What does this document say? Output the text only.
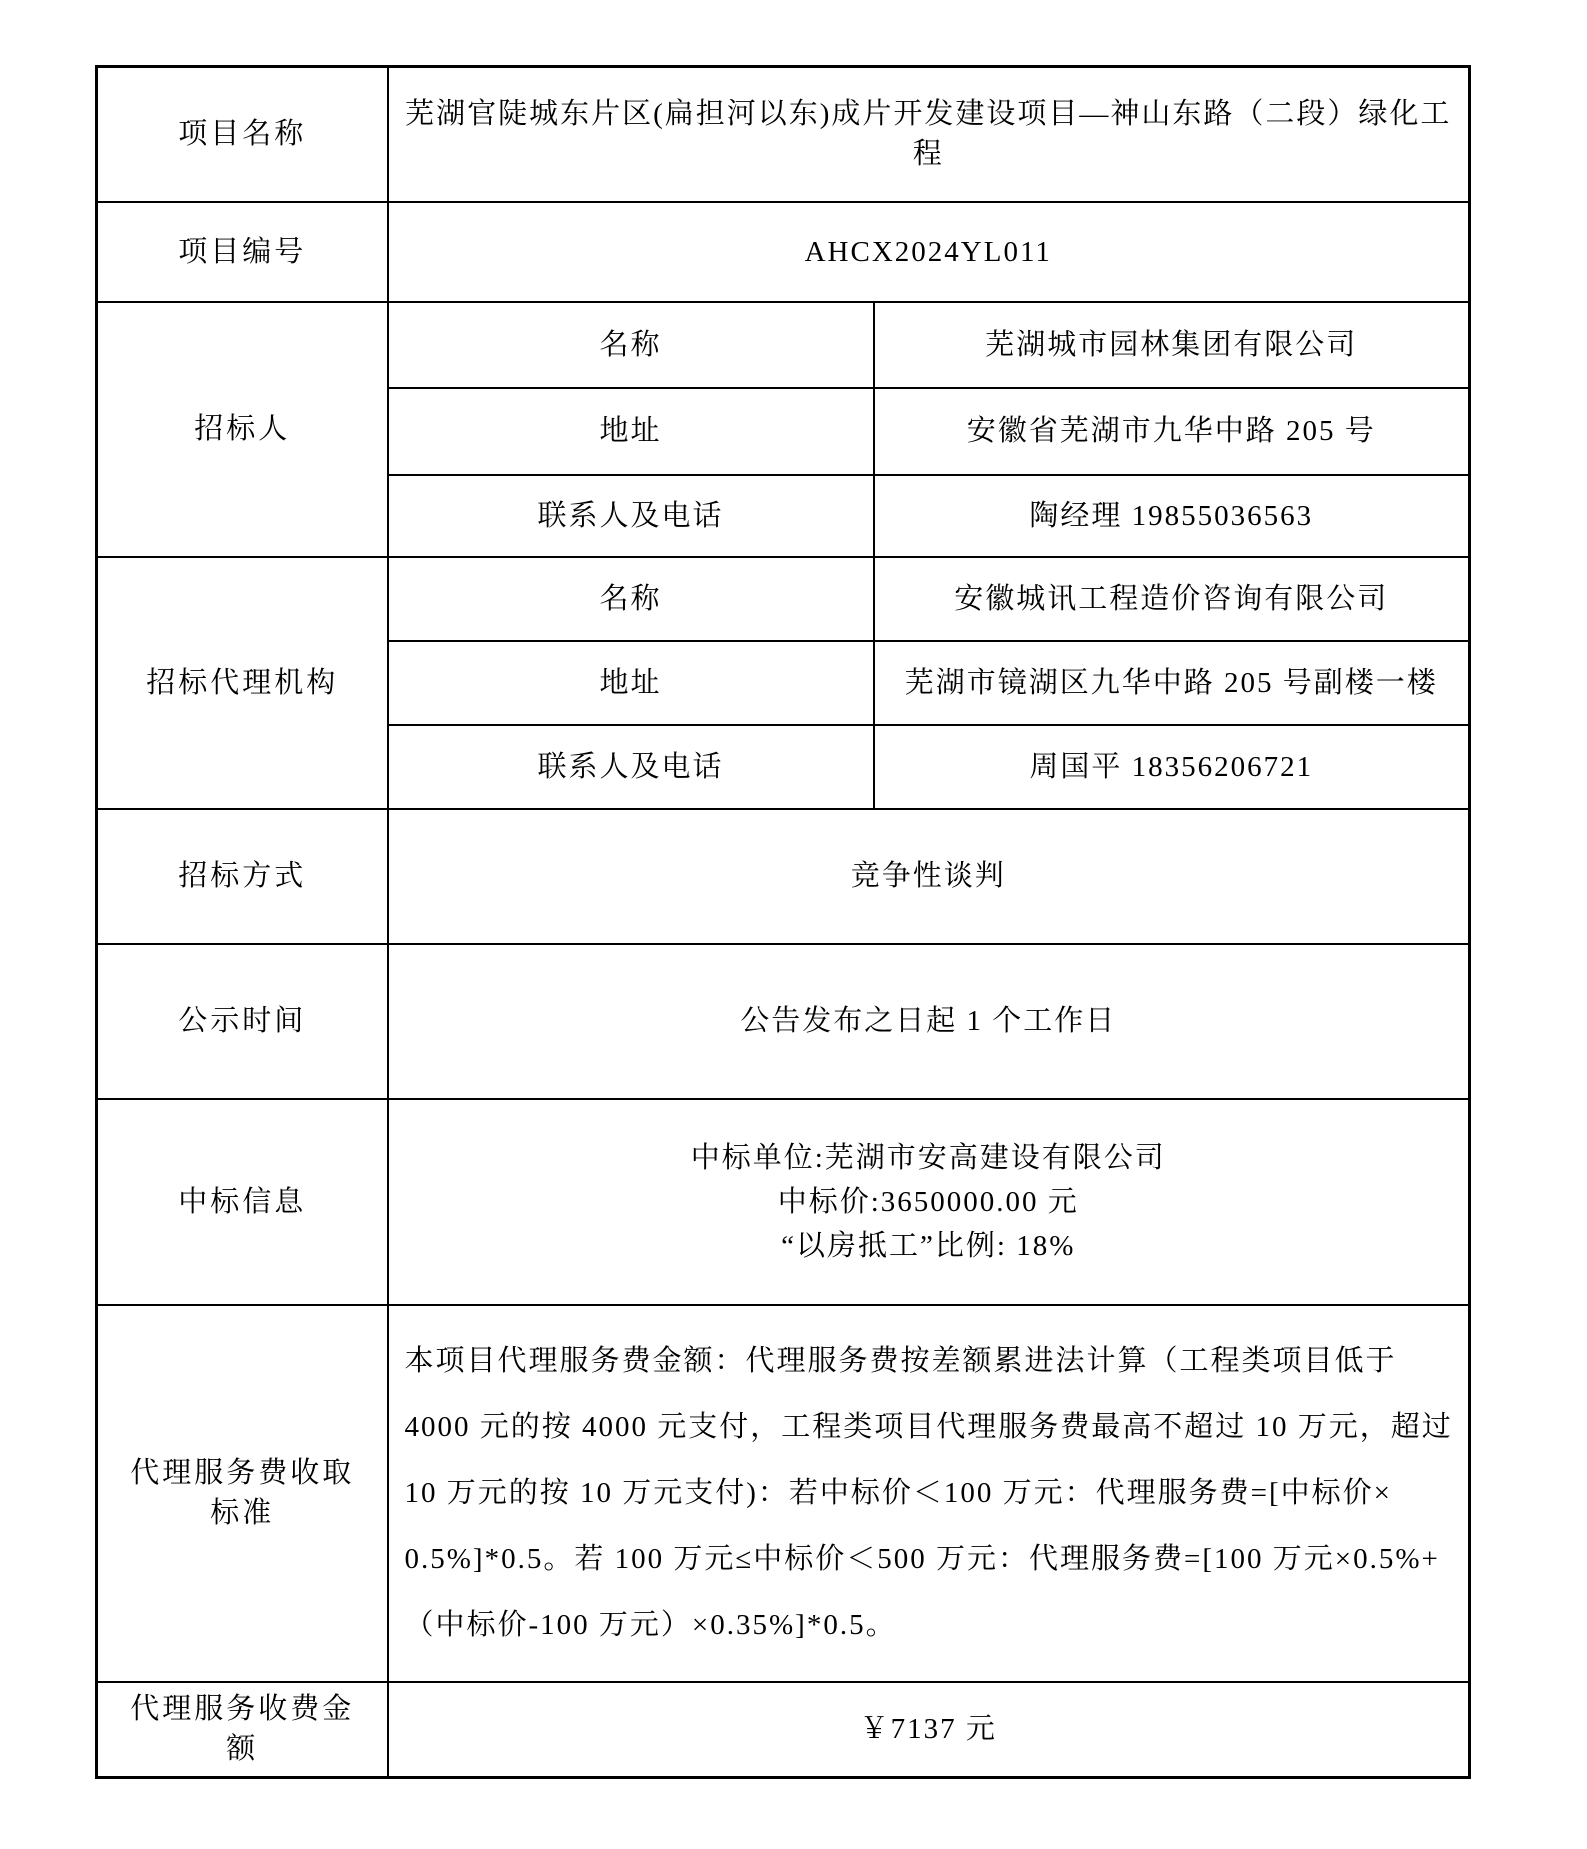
项目名称	芜湖官陡城东片区(扁担河以东)成片开发建设项目—神山东路（二段）绿化工程	

项目编号	AHCX2024YL011	
招标人	名称	芜湖城市园林集团有限公司
	地址	安徽省芜湖市九华中路 205 号
	联系人及电话	陶经理 19855036563
招标代理机构	名称	安徽城讯工程造价咨询有限公司
	地址	芜湖市镜湖区九华中路 205 号副楼一楼
	联系人及电话	周国平 18356206721
招标方式	竞争性谈判	
公示时间	公告发布之日起 1 个工作日	
中标信息	中标单位:芜湖市安高建设有限公司
中标价:3650000.00 元
“以房抵工”比例: 18%	

代理服务费收取标准	本项目代理服务费金额：代理服务费按差额累进法计算（工程类项目低于
4000 元的按 4000 元支付，工程类项目代理服务费最高不超过 10 万元，超过
10 万元的按 10 万元支付)：若中标价＜100 万元：代理服务费=[中标价×
0.5%]*0.5。若 100 万元≤中标价＜500 万元：代理服务费=[100 万元×0.5%+
（中标价-100 万元）×0.35%]*0.5。	

代理服务收费金额	￥7137 元	
